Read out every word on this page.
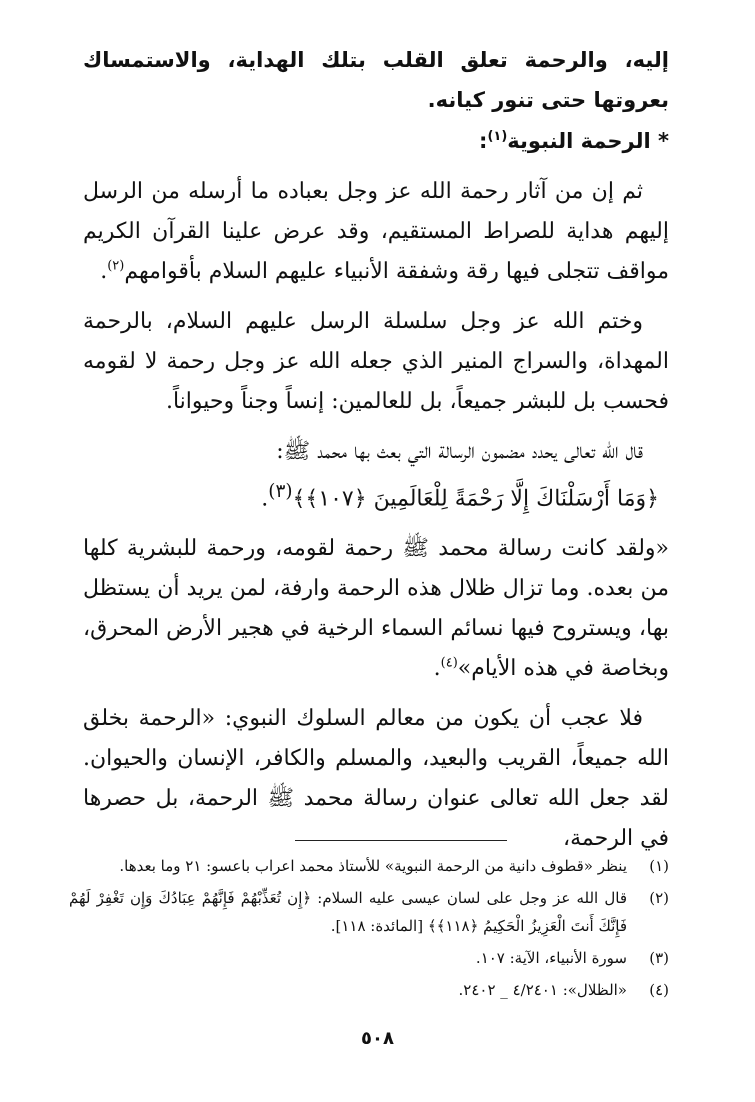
إليه، والرحمة تعلق القلب بتلك الهداية، والاستمساك بعروتها حتى تنور كيانه.

* الرحمة النبوية$^{(١)}$:

ثم إن من آثار رحمة الله عز وجل بعباده ما أرسله من الرسل إليهم هداية للصراط المستقيم، وقد عرض علينا القرآن الكريم مواقف تتجلى فيها رقة وشفقة الأنبياء عليهم السلام بأقوامهم$^{(٢)}$.

وختم الله عز وجل سلسلة الرسل عليهم السلام، بالرحمة المهداة، والسراج المنير الذي جعله الله عز وجل رحمة لا لقومه فحسب بل للبشر جميعاً، بل للعالمين: إنساً وجناً وحيواناً.

قال الله تعالى يحدد مضمون الرسالة التي بعث بها محمد ﷺ:

﴿وَمَا أَرْسَلْنَاكَ إِلَّا رَحْمَةً لِلْعَالَمِينَ ﴿١٠٧﴾﴾$^{(٣)}$.

«ولقد كانت رسالة محمد ﷺ رحمة لقومه، ورحمة للبشرية كلها من بعده. وما تزال ظلال هذه الرحمة وارفة، لمن يريد أن يستظل بها، ويستروح فيها نسائم السماء الرخية في هجير الأرض المحرق، وبخاصة في هذه الأيام»$^{(٤)}$.

فلا عجب أن يكون من معالم السلوك النبوي: «الرحمة بخلق الله جميعاً، القريب والبعيد، والمسلم والكافر، الإنسان والحيوان. لقد جعل الله تعالى عنوان رسالة محمد ﷺ الرحمة، بل حصرها في الرحمة،

(١)
ينظر «قطوف دانية من الرحمة النبوية» للأستاذ محمد اعراب باعسو: ٢١ وما بعدها.
(٢)
قال الله عز وجل على لسان عيسى عليه السلام: ﴿إِن تُعَذِّبْهُمْ فَإِنَّهُمْ عِبَادُكَ وَإِن تَغْفِرْ لَهُمْ فَإِنَّكَ أَنتَ الْعَزِيزُ الْحَكِيمُ ﴿١١٨﴾﴾ [المائدة: ١١٨].
(٣)
سورة الأنبياء، الآية: ١٠٧.
(٤)
«الظلال»: ٤/٢٤٠١ _ ٢٤٠٢.
٥٠٨
